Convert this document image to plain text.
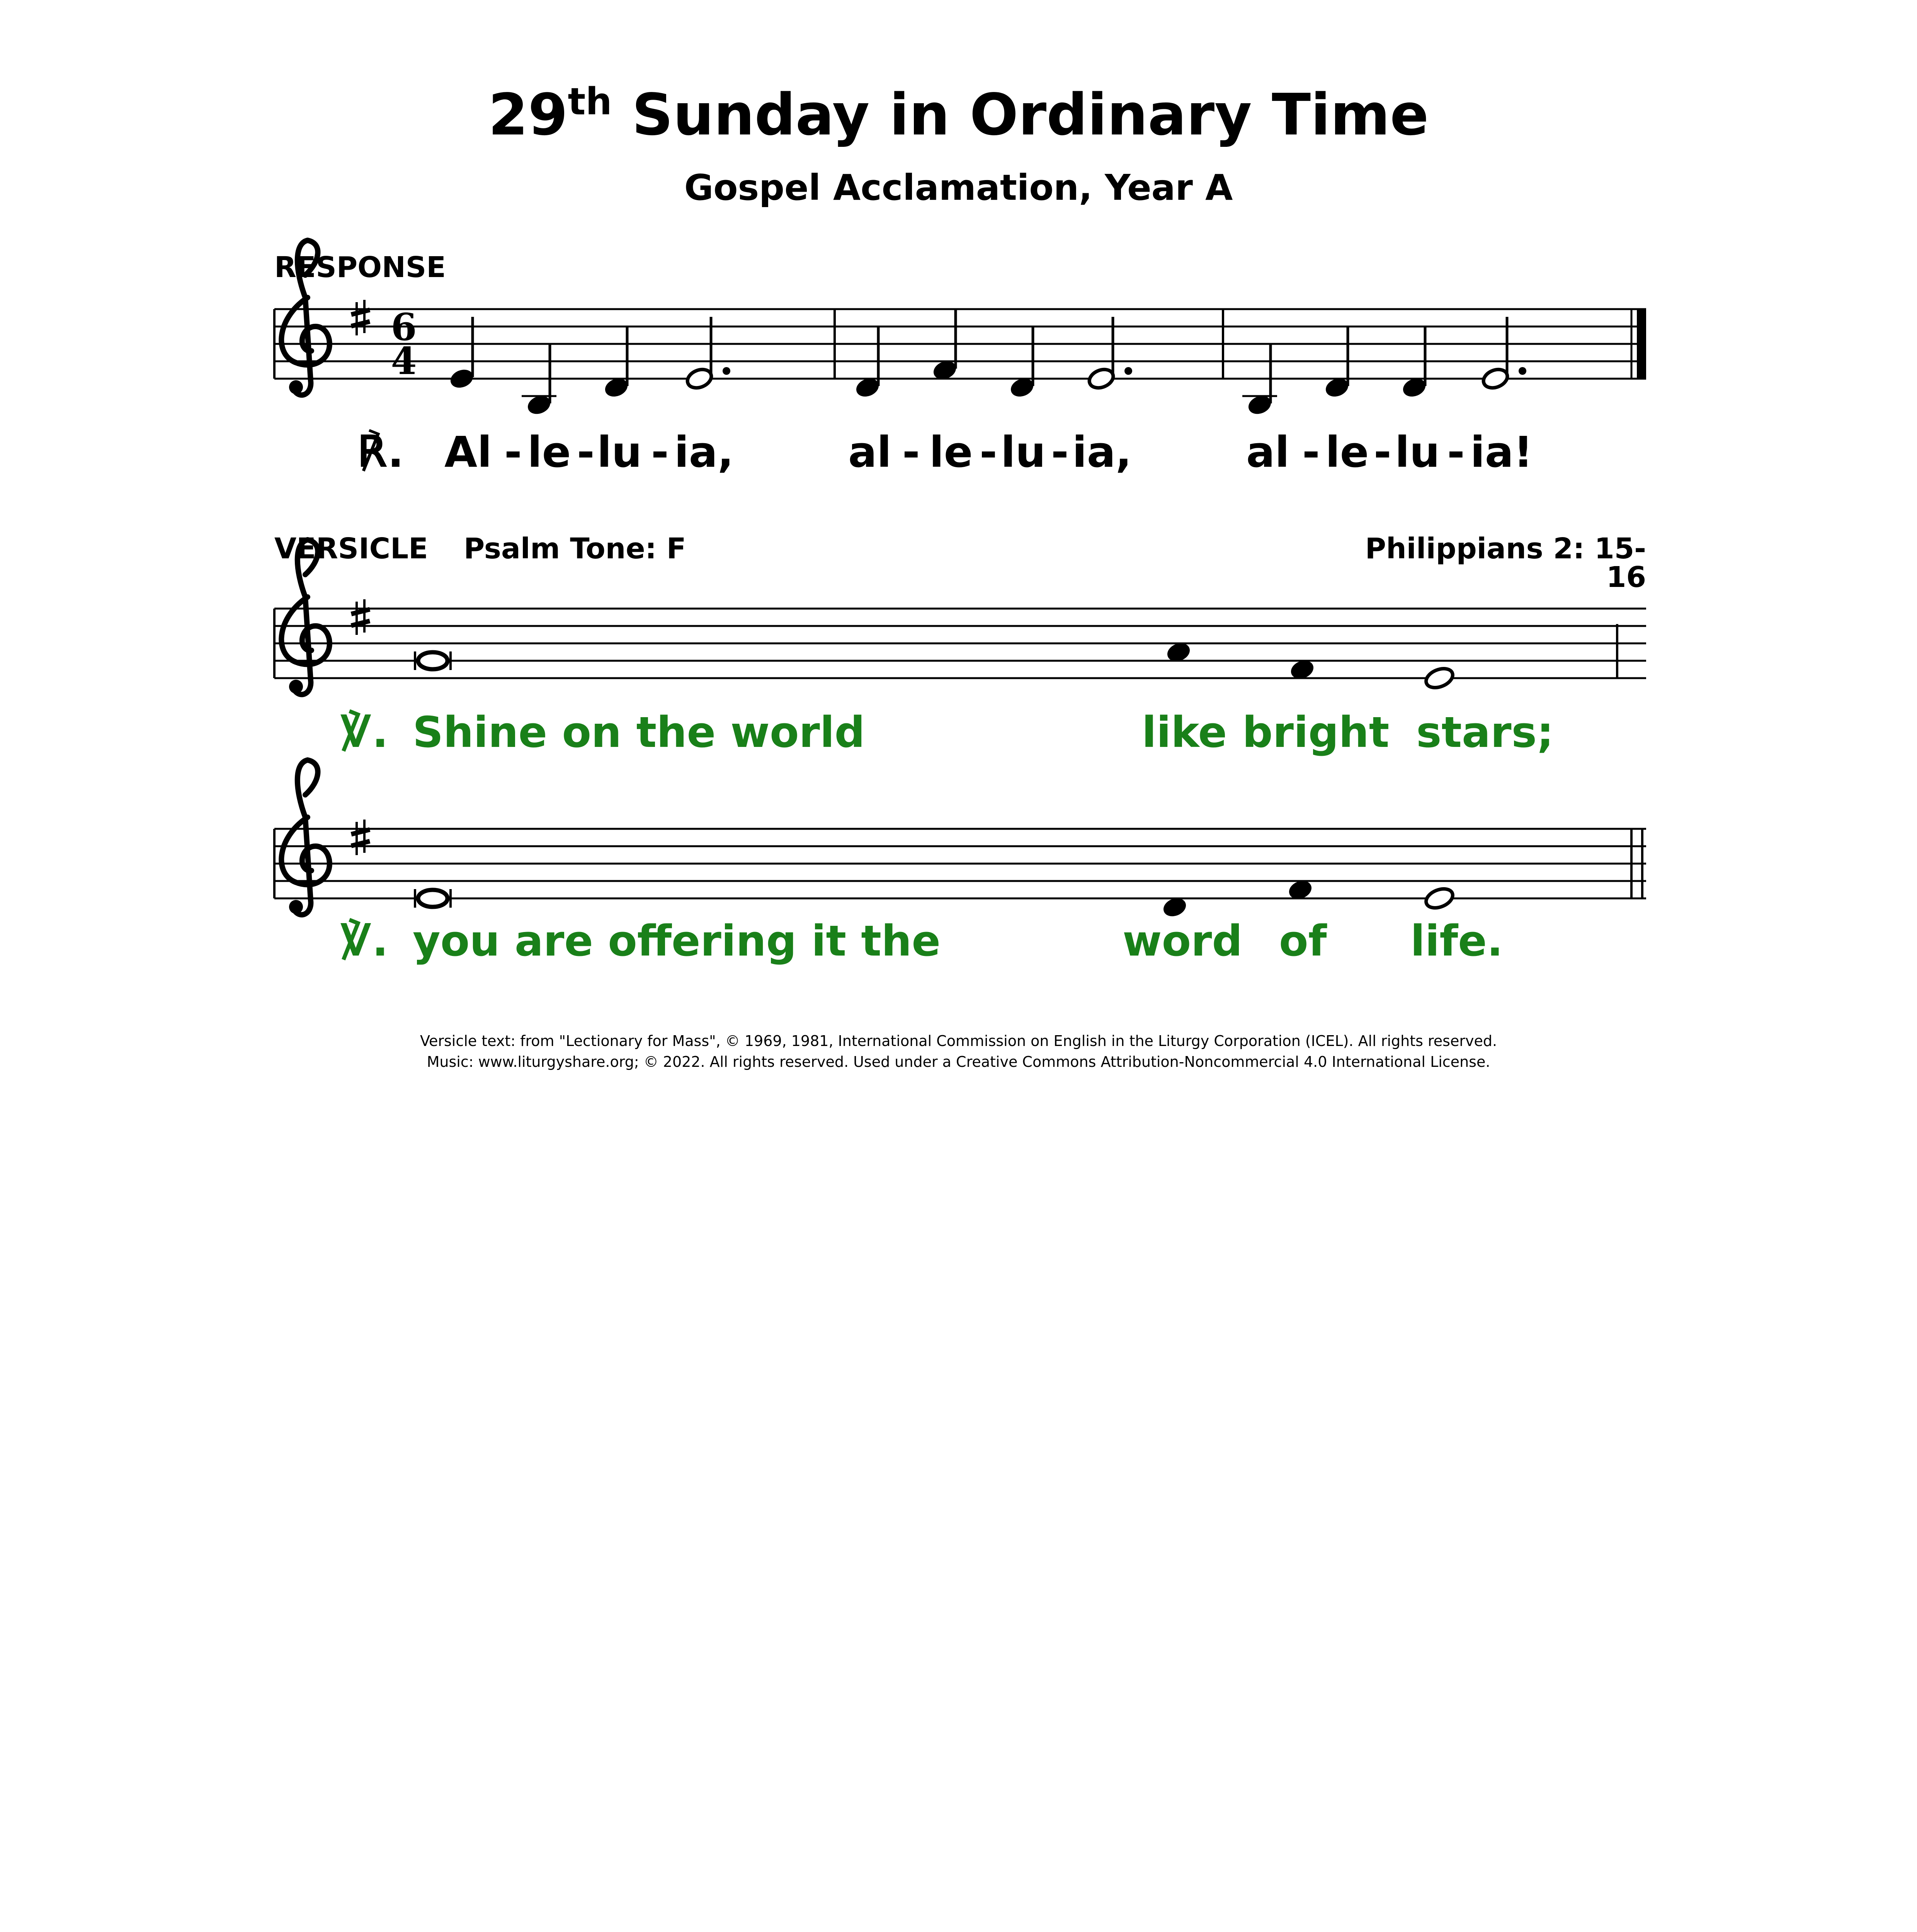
29th Sunday in Ordinary Time
Gospel Acclamation, Year A
RESPONSE
VERSICLE Psalm Tone: F	Philippians 2: 15-16
6
4
℟. Al - le - lu - ia,	al - le - lu - ia,	al - le - lu - ia!
℣. Shine on the world	like bright stars;
℣. you are offering it the	word of life.
Versicle text: from "Lectionary for Mass", © 1969, 1981, International Commission on English in the Liturgy Corporation (ICEL). All rights reserved.
Music: www.liturgyshare.org; © 2022. All rights reserved. Used under a Creative Commons Attribution-Noncommercial 4.0 International License.
